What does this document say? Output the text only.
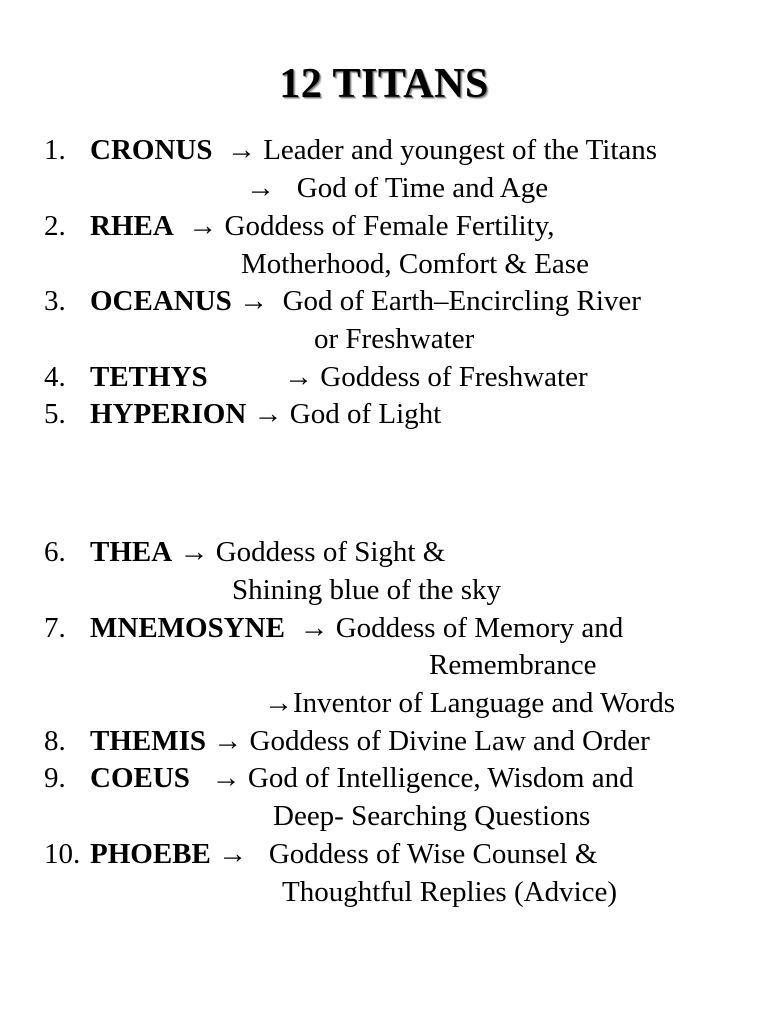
12 TITANS
1. CRONUS → Leader and youngest of the Titans
→ God of Time and Age
2. RHEA → Goddess of Female Fertility,
Motherhood, Comfort & Ease
3. OCEANUS → God of Earth–Encircling River
or Freshwater
4. TETHYS	→ Goddess of Freshwater
5. HYPERION → God of Light
6. THEA → Goddess of Sight &
Shining blue of the sky
7. MNEMOSYNE → Goddess of Memory and
Remembrance
→Inventor of Language and Words
8. THEMIS → Goddess of Divine Law and Order
9. COEUS → God of Intelligence, Wisdom and
Deep- Searching Questions
10. PHOEBE → Goddess of Wise Counsel &
Thoughtful Replies (Advice)
